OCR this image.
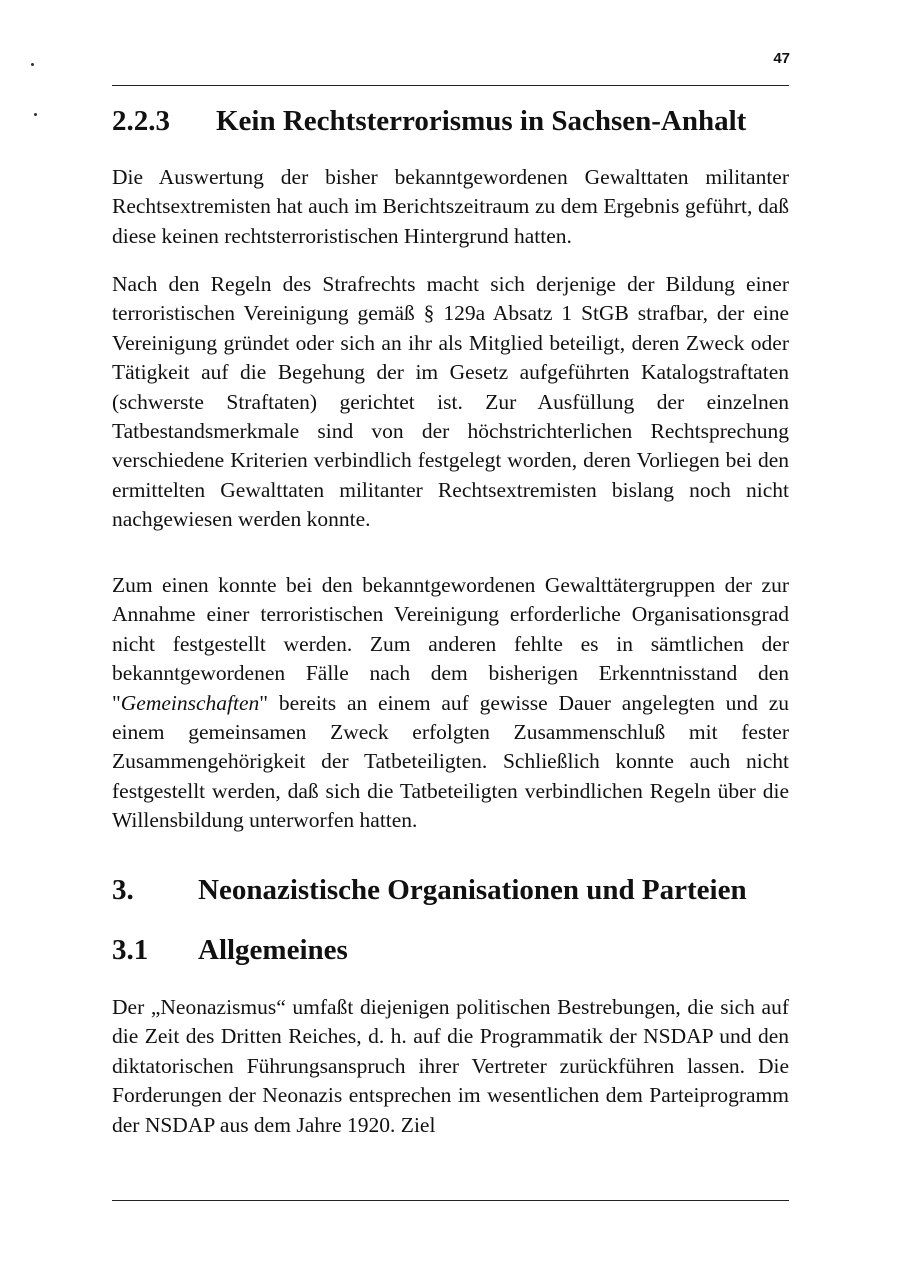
47
2.2.3 Kein Rechtsterrorismus in Sachsen-Anhalt

Die Auswertung der bisher bekanntgewordenen Gewalttaten militanter Rechtsextremisten hat auch im Berichtszeitraum zu dem Ergebnis geführt, daß diese keinen rechtsterroristischen Hintergrund hatten.

Nach den Regeln des Strafrechts macht sich derjenige der Bildung einer terroristischen Vereinigung gemäß § 129a Absatz 1 StGB strafbar, der eine Vereinigung gründet oder sich an ihr als Mitglied beteiligt, deren Zweck oder Tätigkeit auf die Begehung der im Gesetz aufgeführten Katalogstraftaten (schwerste Straftaten) gerichtet ist. Zur Ausfüllung der einzelnen Tatbestandsmerkmale sind von der höchstrichterlichen Rechtsprechung verschiedene Kriterien verbindlich festgelegt worden, deren Vorliegen bei den ermittelten Gewalttaten militanter Rechtsextremisten bislang noch nicht nachgewiesen werden konnte.

Zum einen konnte bei den bekanntgewordenen Gewalttätergruppen der zur Annahme einer terroristischen Vereinigung erforderliche Organisationsgrad nicht festgestellt werden. Zum anderen fehlte es in sämtlichen der bekanntgewordenen Fälle nach dem bisherigen Erkenntnisstand den "Gemeinschaften" bereits an einem auf gewisse Dauer angelegten und zu einem gemeinsamen Zweck erfolgten Zusammenschluß mit fester Zusammengehörigkeit der Tatbeteiligten. Schließlich konnte auch nicht festgestellt werden, daß sich die Tatbeteiligten verbindlichen Regeln über die Willensbildung unterworfen hatten.

3. Neonazistische Organisationen und Parteien
3.1 Allgemeines

Der „Neonazismus“ umfaßt diejenigen politischen Bestrebungen, die sich auf die Zeit des Dritten Reiches, d. h. auf die Programmatik der NSDAP und den diktatorischen Führungsanspruch ihrer Vertreter zurückführen lassen. Die Forderungen der Neonazis entsprechen im wesentlichen dem Parteiprogramm der NSDAP aus dem Jahre 1920. Ziel
